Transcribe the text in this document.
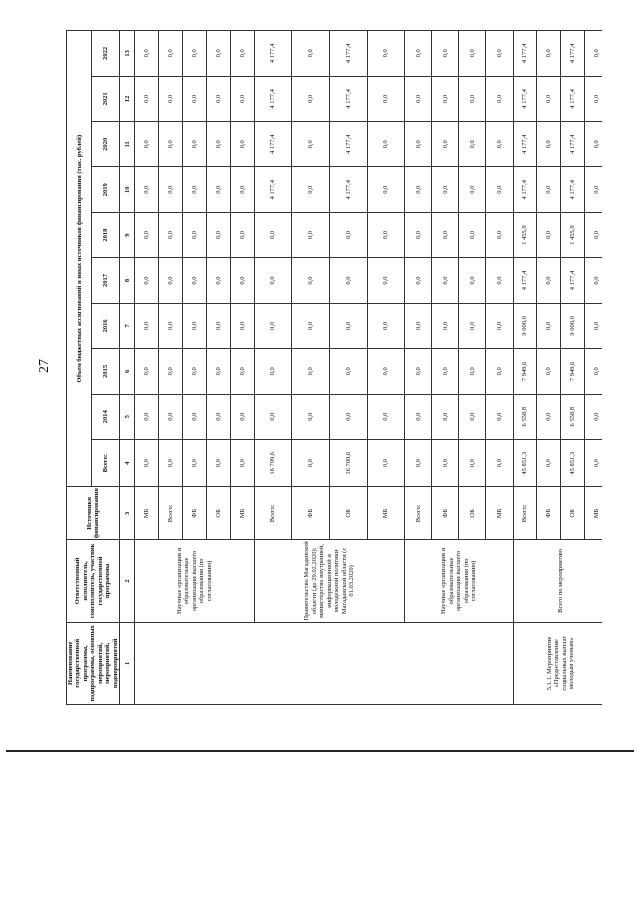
27
Наименование государственной программы, подпрограммы, основных мероприятий, мероприятий, подмероприятий	Ответственный исполнитель, соисполнитель, участник государственной программы	Источники финансирования	Объем бюджетных ассигнований и иных источников финансирования (тыс. рублей)									
			Всего:	2014	2015	2016	2017	2018	2019	2020	2021	2022
1	2	3	4	5	6	7	8	9	10	11	12	13
	Научные организации и образовательные организации высшего образования (по согласованию)	МБ	0,0	0,0	0,0	0,0	0,0	0,0	0,0	0,0	0,0	0,0
		Всего:	0,0	0,0	0,0	0,0	0,0	0,0	0,0	0,0	0,0	0,0
		ФБ	0,0	0,0	0,0	0,0	0,0	0,0	0,0	0,0	0,0	0,0
		ОБ	0,0	0,0	0,0	0,0	0,0	0,0	0,0	0,0	0,0	0,0
		МБ	0,0	0,0	0,0	0,0	0,0	0,0	0,0	0,0	0,0	0,0
	Правительство Магаданской области (до 29.02.2020); министерство внутренней, информационной и молодежной политики Магаданской области (с 01.03.2020)	Всего:	16 709,6	0,0	0,0	0,0	0,0	0,0	4 177,4	4 177,4	4 177,4	4 177,4
		ФБ	0,0	0,0	0,0	0,0	0,0	0,0	0,0	0,0	0,0	0,0
		ОБ	16 709,6	0,0	0,0	0,0	0,0	0,0	4 177,4	4 177,4	4 177,4	4 177,4
		МБ	0,0	0,0	0,0	0,0	0,0	0,0	0,0	0,0	0,0	0,0
	Научные организации и образовательные организации высшего образования (по согласованию)	Всего:	0,0	0,0	0,0	0,0	0,0	0,0	0,0	0,0	0,0	0,0
		ФБ	0,0	0,0	0,0	0,0	0,0	0,0	0,0	0,0	0,0	0,0
		ОБ	0,0	0,0	0,0	0,0	0,0	0,0	0,0	0,0	0,0	0,0
		МБ	0,0	0,0	0,0	0,0	0,0	0,0	0,0	0,0	0,0	0,0
5.1.1. Мероприятие «Предоставление социальных выплат молодым ученым»	Всего по мероприятию	Всего:	45 851,3	6 558,8	7 949,6	9 000,0	4 177,4	1 455,9	4 177,4	4 177,4	4 177,4	4 177,4
		ФБ	0,0	0,0	0,0	0,0	0,0	0,0	0,0	0,0	0,0	0,0
		ОБ	45 851,3	6 558,8	7 949,6	9 000,0	4 177,4	1 455,9	4 177,4	4 177,4	4 177,4	4 177,4
		МБ	0,0	0,0	0,0	0,0	0,0	0,0	0,0	0,0	0,0	0,0
